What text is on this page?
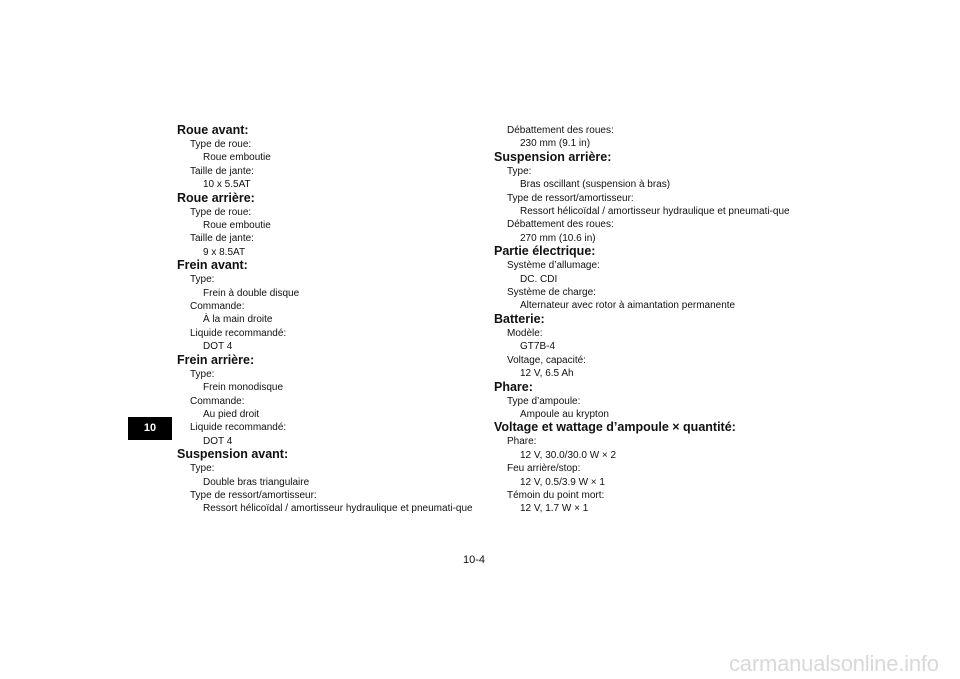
10
Roue avant:
Type de roue:
Roue emboutie
Taille de jante:
10 x 5.5AT
Roue arrière:
Type de roue:
Roue emboutie
Taille de jante:
9 x 8.5AT
Frein avant:
Type:
Frein à double disque
Commande:
À la main droite
Liquide recommandé:
DOT 4
Frein arrière:
Type:
Frein monodisque
Commande:
Au pied droit
Liquide recommandé:
DOT 4
Suspension avant:
Type:
Double bras triangulaire
Type de ressort/amortisseur:
Ressort hélicoïdal / amortisseur hydraulique et pneumati-que
Débattement des roues:
230 mm (9.1 in)
Suspension arrière:
Type:
Bras oscillant (suspension à bras)
Type de ressort/amortisseur:
Ressort hélicoïdal / amortisseur hydraulique et pneumati-que
Débattement des roues:
270 mm (10.6 in)
Partie électrique:
Système d’allumage:
DC. CDI
Système de charge:
Alternateur avec rotor à aimantation permanente
Batterie:
Modèle:
GT7B-4
Voltage, capacité:
12 V, 6.5 Ah
Phare:
Type d’ampoule:
Ampoule au krypton
Voltage et wattage d’ampoule × quantité:
Phare:
12 V, 30.0/30.0 W × 2
Feu arrière/stop:
12 V, 0.5/3.9 W × 1
Témoin du point mort:
12 V, 1.7 W × 1
10-4
carmanualsonline.info
